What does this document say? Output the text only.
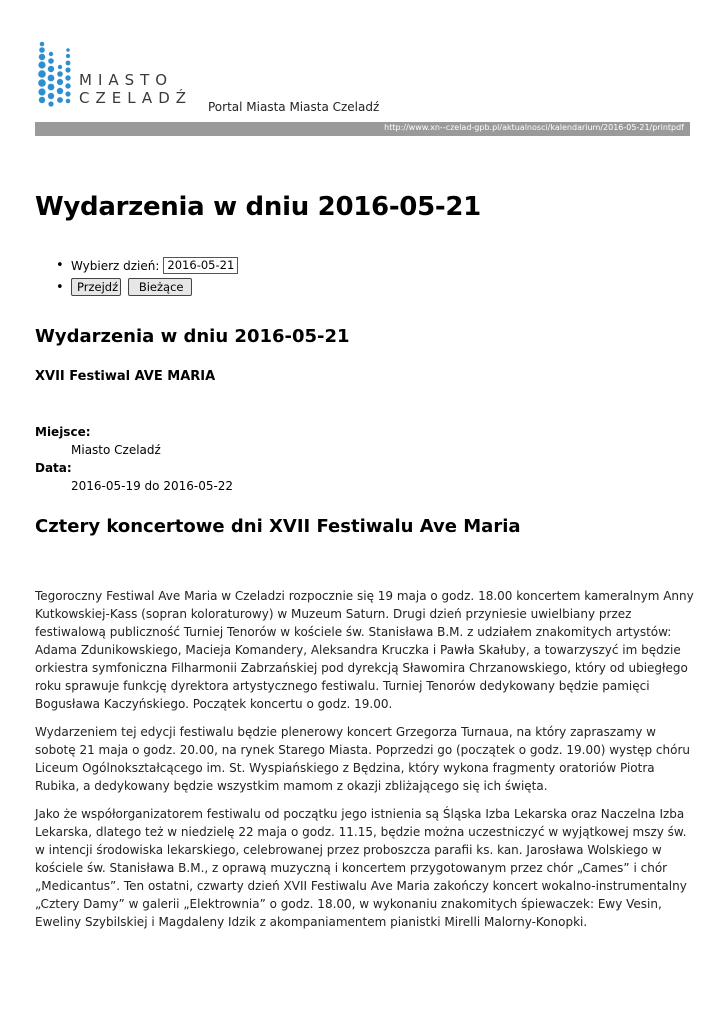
MIASTO
CZELADŹ Portal Miasta Miasta Czeladź
http://www.xn--czelad-gpb.pl/aktualnosci/kalendarium/2016-05-21/printpdf
Wydarzenia w dniu 2016-05-21
• Wybierz dzień: 2016-05-21
• Przejdź Bieżące
Wydarzenia w dniu 2016-05-21
XVII Festiwal AVE MARIA
Miejsce:
Miasto Czeladź
Data:
2016-05-19 do 2016-05-22
Cztery koncertowe dni XVII Festiwalu Ave Maria

Tegoroczny Festiwal Ave Maria w Czeladzi rozpocznie się 19 maja o godz. 18.00 koncertem kameralnym Anny Kutkowskiej-Kass (sopran koloraturowy) w Muzeum Saturn. Drugi dzień przyniesie uwielbiany przez festiwalową publiczność Turniej Tenorów w kościele św. Stanisława B.M. z udziałem znakomitych artystów: Adama Zdunikowskiego, Macieja Komandery, Aleksandra Kruczka i Pawła Skałuby, a towarzyszyć im będzie orkiestra symfoniczna Filharmonii Zabrzańskiej pod dyrekcją Sławomira Chrzanowskiego, który od ubiegłego roku sprawuje funkcję dyrektora artystycznego festiwalu. Turniej Tenorów dedykowany będzie pamięci Bogusława Kaczyńskiego. Początek koncertu o godz. 19.00.

Wydarzeniem tej edycji festiwalu będzie plenerowy koncert Grzegorza Turnaua, na który zapraszamy w sobotę 21 maja o godz. 20.00, na rynek Starego Miasta. Poprzedzi go (początek o godz. 19.00) występ chóru Liceum Ogólnokształcącego im. St. Wyspiańskiego z Będzina, który wykona fragmenty oratoriów Piotra Rubika, a dedykowany będzie wszystkim mamom z okazji zbliżającego się ich święta.

Jako że współorganizatorem festiwalu od początku jego istnienia są Śląska Izba Lekarska oraz Naczelna Izba Lekarska, dlatego też w niedzielę 22 maja o godz. 11.15, będzie można uczestniczyć w wyjątkowej mszy św. w intencji środowiska lekarskiego, celebrowanej przez proboszcza parafii ks. kan. Jarosława Wolskiego w kościele św. Stanisława B.M., z oprawą muzyczną i koncertem przygotowanym przez chór „Cames” i chór „Medicantus”. Ten ostatni, czwarty dzień XVII Festiwalu Ave Maria zakończy koncert wokalno-instrumentalny „Cztery Damy” w galerii „Elektrownia” o godz. 18.00, w wykonaniu znakomitych śpiewaczek: Ewy Vesin, Eweliny Szybilskiej i Magdaleny Idzik z akompaniamentem pianistki Mirelli Malorny-Konopki.
